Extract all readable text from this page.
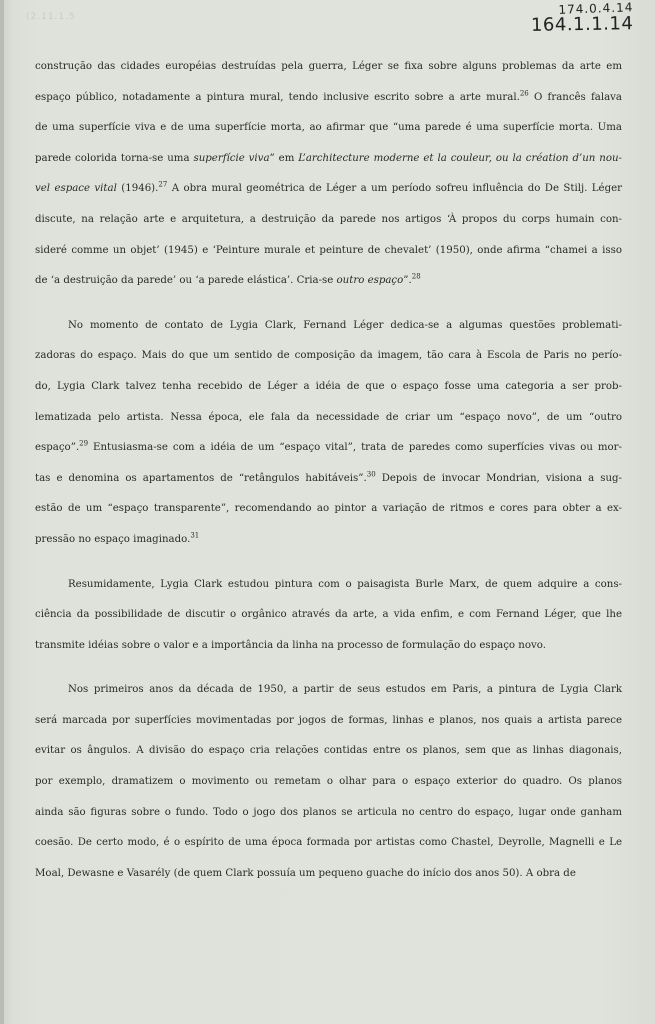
(2.11.1.5
174.0.4.14
164.1.1.14
construção das cidades européias destruídas pela guerra, Léger se fixa sobre alguns problemas da arte em
espaço público, notadamente a pintura mural, tendo inclusive escrito sobre a arte mural.$^{26}$ O francês falava
de uma superfície viva e de uma superfície morta, ao afirmar que “uma parede é uma superfície morta. Uma
parede colorida torna-se uma superfície viva” em L’architecture moderne et la couleur, ou la création d’un nou-
vel espace vital (1946).$^{27}$ A obra mural geométrica de Léger a um período sofreu influência do De Stilj. Léger
discute, na relação arte e arquitetura, a destruição da parede nos artigos ‘À propos du corps humain con-
sideré comme un objet’ (1945) e ‘Peinture murale et peinture de chevalet’ (1950), onde afirma “chamei a isso
de ‘a destruição da parede’ ou ‘a parede elástica’. Cria-se outro espaço”.$^{28}$
No momento de contato de Lygia Clark, Fernand Léger dedica-se a algumas questões problemati-
zadoras do espaço. Mais do que um sentido de composição da imagem, tão cara à Escola de Paris no perío-
do, Lygia Clark talvez tenha recebido de Léger a idéia de que o espaço fosse uma categoria a ser prob-
lematizada pelo artista. Nessa época, ele fala da necessidade de criar um “espaço novo”, de um “outro
espaço”.$^{29}$ Entusiasma-se com a idéia de um “espaço vital”, trata de paredes como superfícies vivas ou mor-
tas e denomina os apartamentos de “retângulos habitáveis”.$^{30}$ Depois de invocar Mondrian, visiona a sug-
estão de um “espaço transparente”, recomendando ao pintor a variação de ritmos e cores para obter a ex-
pressão no espaço imaginado.$^{31}$
Resumidamente, Lygia Clark estudou pintura com o paisagista Burle Marx, de quem adquire a cons-
ciência da possibilidade de discutir o orgânico através da arte, a vida enfim, e com Fernand Léger, que lhe
transmite idéias sobre o valor e a importância da linha na processo de formulação do espaço novo.
Nos primeiros anos da década de 1950, a partir de seus estudos em Paris, a pintura de Lygia Clark
será marcada por superfícies movimentadas por jogos de formas, linhas e planos, nos quais a artista parece
evitar os ângulos. A divisão do espaço cria relações contidas entre os planos, sem que as linhas diagonais,
por exemplo, dramatizem o movimento ou remetam o olhar para o espaço exterior do quadro. Os planos
ainda são figuras sobre o fundo. Todo o jogo dos planos se articula no centro do espaço, lugar onde ganham
coesão. De certo modo, é o espírito de uma época formada por artistas como Chastel, Deyrolle, Magnelli e Le
Moal, Dewasne e Vasarély (de quem Clark possuía um pequeno guache do início dos anos 50). A obra de
